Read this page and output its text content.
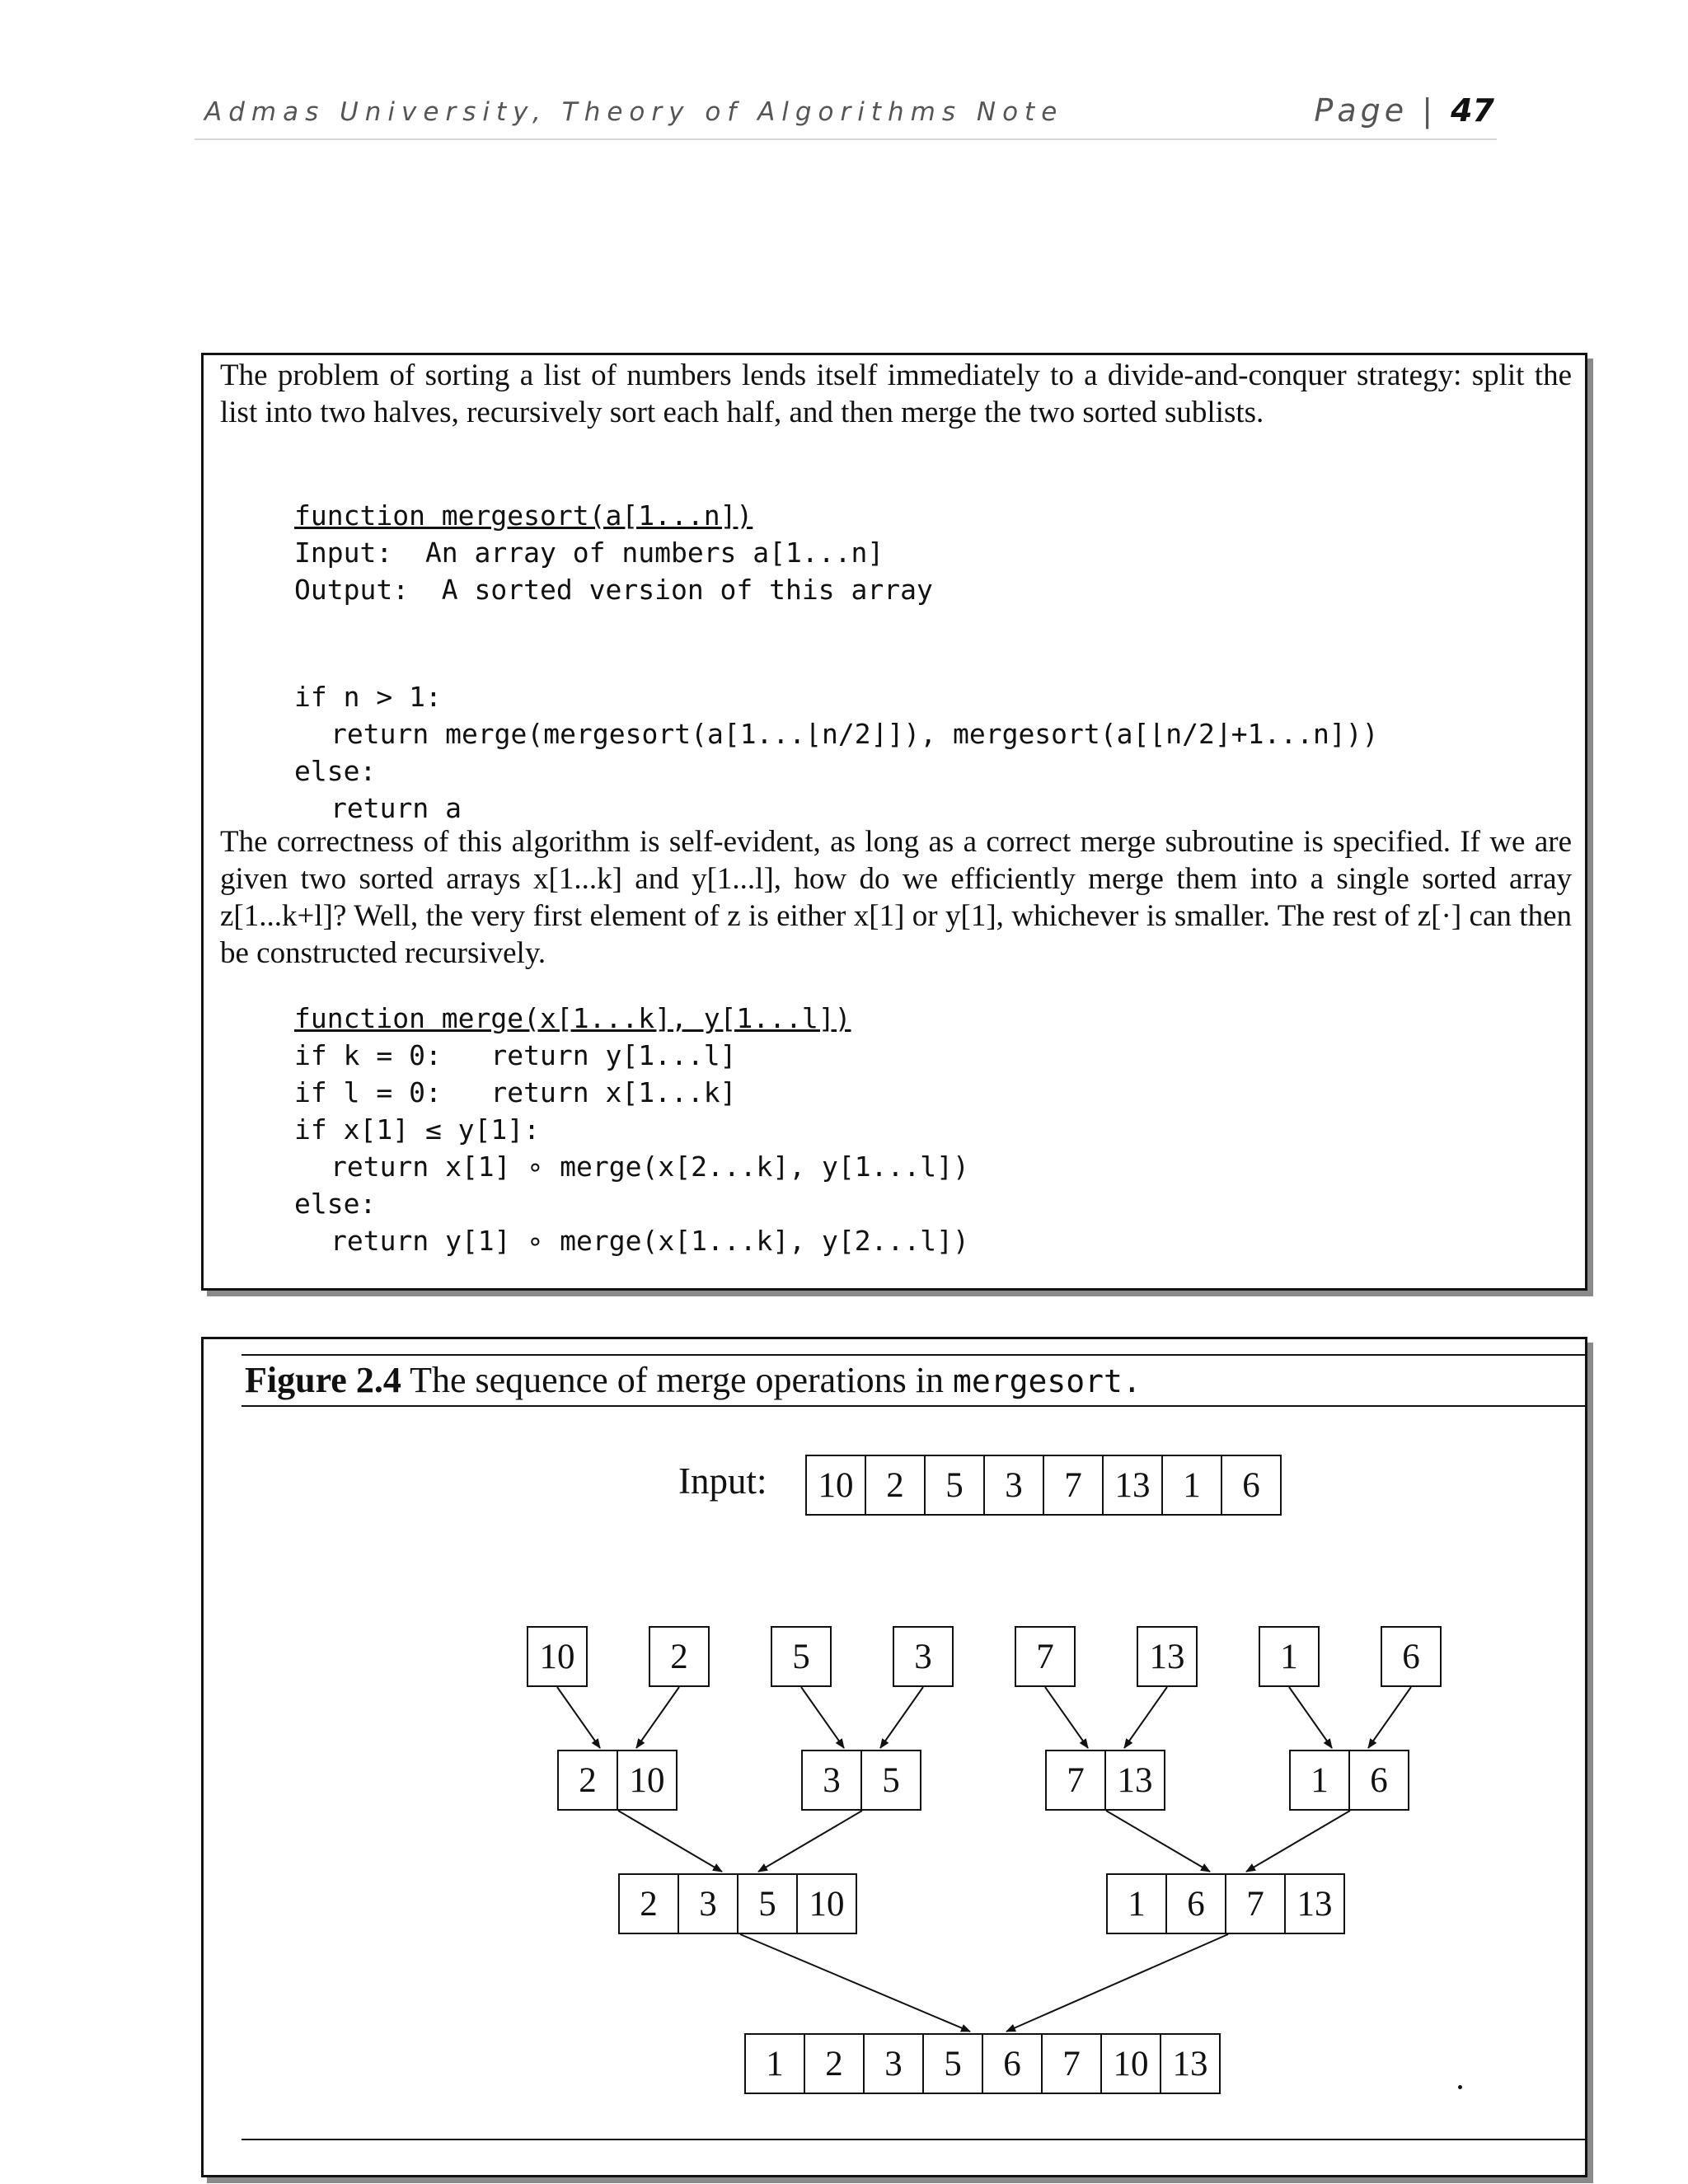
Admas University, Theory of Algorithms Note	Page | 47

The problem of sorting a list of numbers lends itself immediately to a divide-and-conquer strategy: split the list into two halves, recursively sort each half, and then merge the two sorted sublists.

function mergesort(a[1...n])
Input:  An array of numbers a[1...n]
Output:  A sorted version of this array
if n > 1:
return merge(mergesort(a[1...⌊n/2⌋]), mergesort(a[⌊n/2⌋+1...n]))
else:
return a

The correctness of this algorithm is self-evident, as long as a correct merge subroutine is specified. If we are given two sorted arrays x[1...k] and y[1...l], how do we efficiently merge them into a single sorted array z[1...k+l]? Well, the very first element of z is either x[1] or y[1], whichever is smaller. The rest of z[·] can then be constructed recursively.

function merge(x[1...k], y[1...l])
if k = 0:   return y[1...l]
if l = 0:   return x[1...k]
if x[1] ≤ y[1]:
return x[1] ∘ merge(x[2...k], y[1...l])
else:
return y[1] ∘ merge(x[1...k], y[2...l])
Figure 2.4 The sequence of merge operations in mergesort.
Input:	10 2	5	3	7 13 1	6
1	2	3	5	6	7 10 13
10	2	5	3	7	13	1	6
2 10	3	5	7 13	1	6
2	3	5 10	1	6	7 13
